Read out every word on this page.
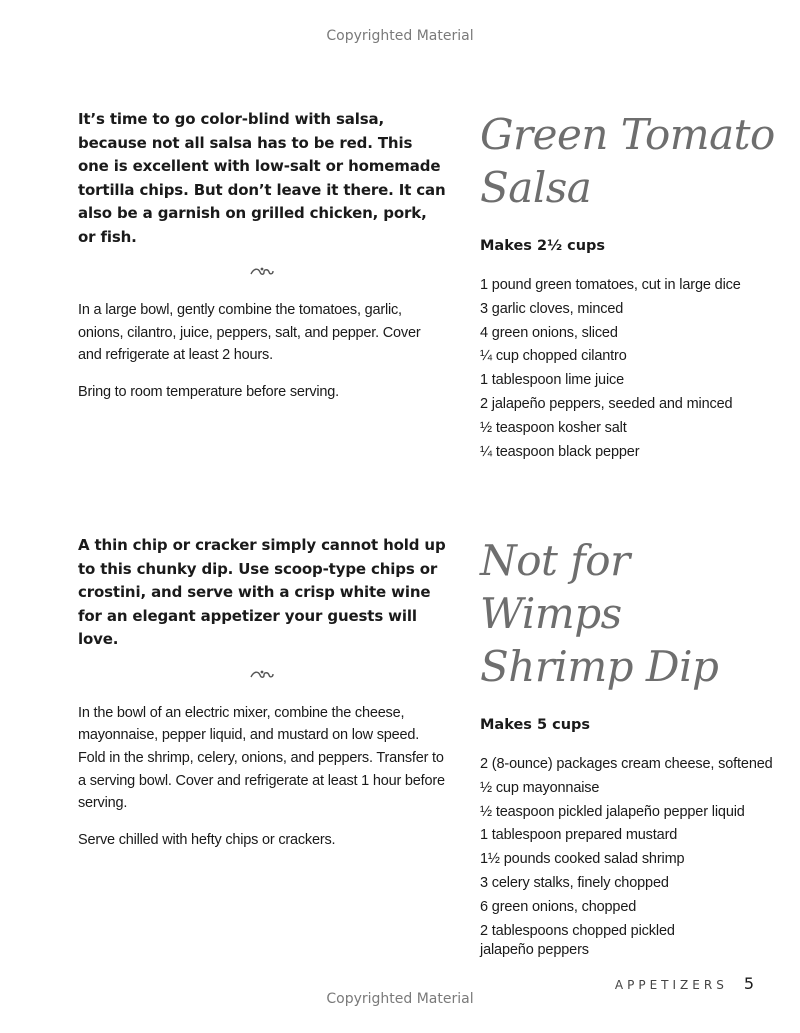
Copyrighted Material

It’s time to go color-blind with salsa, because not all salsa has to be red. This one is excellent with low-salt or homemade tortilla chips. But don’t leave it there. It can also be a garnish on grilled chicken, pork, or fish.

In a large bowl, gently combine the tomatoes, garlic, onions, cilantro, juice, peppers, salt, and pepper. Cover and refrigerate at least 2 hours.

Bring to room temperature before serving.

Green Tomato
Salsa
Makes 2½ cups
1 pound green tomatoes, cut in large dice
3 garlic cloves, minced
4 green onions, sliced
¼ cup chopped cilantro
1 tablespoon lime juice
2 jalapeño peppers, seeded and minced
½ teaspoon kosher salt
¼ teaspoon black pepper

A thin chip or cracker simply cannot hold up to this chunky dip. Use scoop-type chips or crostini, and serve with a crisp white wine for an elegant appetizer your guests will love.

In the bowl of an electric mixer, combine the cheese, mayonnaise, pepper liquid, and mustard on low speed. Fold in the shrimp, celery, onions, and peppers. Transfer to a serving bowl. Cover and refrigerate at least 1 hour before serving.

Serve chilled with hefty chips or crackers.

Not for Wimps
Shrimp Dip
Makes 5 cups
2 (8-ounce) packages cream cheese, softened
½ cup mayonnaise
½ teaspoon pickled jalapeño pepper liquid
1 tablespoon prepared mustard
1½ pounds cooked salad shrimp
3 celery stalks, finely chopped
6 green onions, chopped
2 tablespoons chopped pickled jalapeño peppers
APPETIZERS 5
Copyrighted Material
